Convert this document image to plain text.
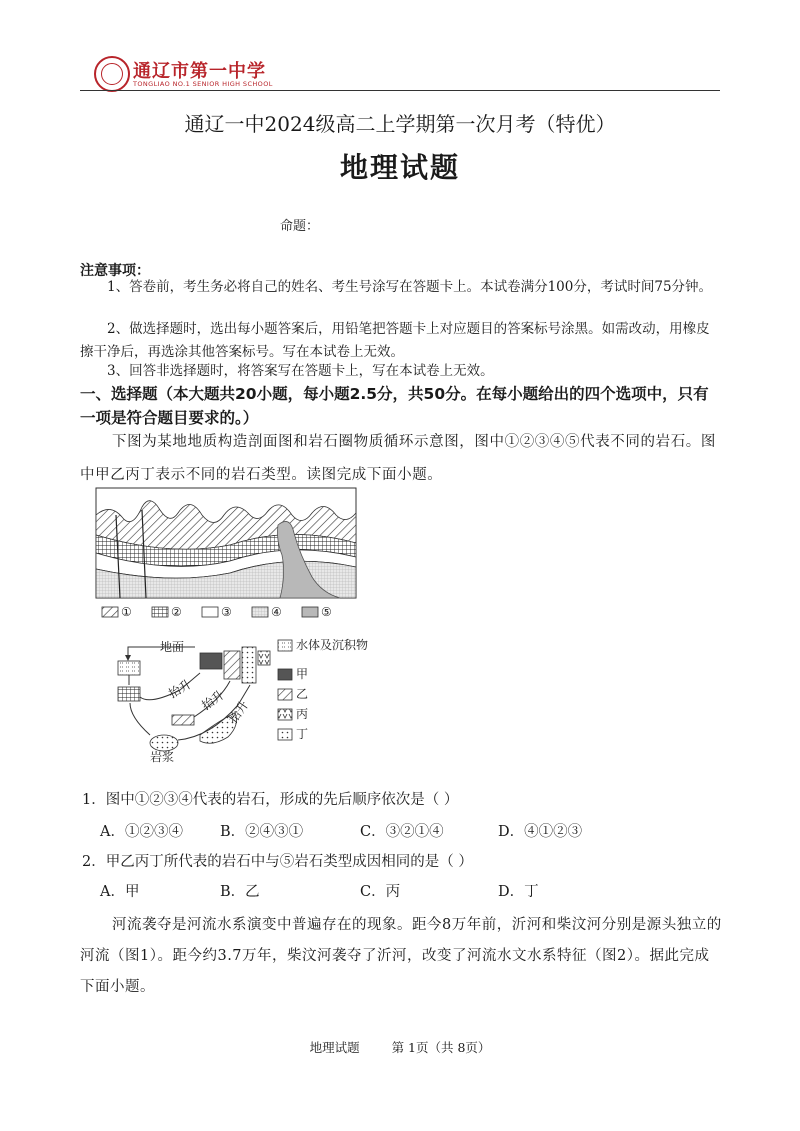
通辽市第一中学
TONGLIAO NO.1 SENIOR HIGH SCHOOL
通辽一中2024级高二上学期第一次月考（特优）
地理试题
命题：
注意事项：
1、答卷前，考生务必将自己的姓名、考生号涂写在答题卡上。本试卷满分100分，考试时间75分钟。
2、做选择题时，选出每小题答案后，用铅笔把答题卡上对应题目的答案标号涂黑。如需改动，用橡皮擦干净后，再选涂其他答案标号。写在本试卷上无效。
3、回答非选择题时，将答案写在答题卡上，写在本试卷上无效。
一、选择题（本大题共20小题，每小题2.5分，共50分。在每小题给出的四个选项中，只有一项是符合题目要求的。）
下图为某地地质构造剖面图和岩石圈物质循环示意图，图中①②③④⑤代表不同的岩石。图中甲乙丙丁表示不同的岩石类型。读图完成下面小题。
①	②	③	④	⑤
地面
岩浆
抬升 抬升 抬升
水体及沉积物
甲
乙
丙
丁
1．图中①②③④代表的岩石，形成的先后顺序依次是（ ）
A．①②③④	B．②④③①	C．③②①④	D．④①②③
2．甲乙丙丁所代表的岩石中与⑤岩石类型成因相同的是（ ）
A．甲	B．乙	C．丙	D．丁
河流袭夺是河流水系演变中普遍存在的现象。距今8万年前，沂河和柴汶河分别是源头独立的河流（图1）。距今约3.7万年，柴汶河袭夺了沂河，改变了河流水文水系特征（图2）。据此完成下面小题。
地理试题	第 1页（共 8页）
